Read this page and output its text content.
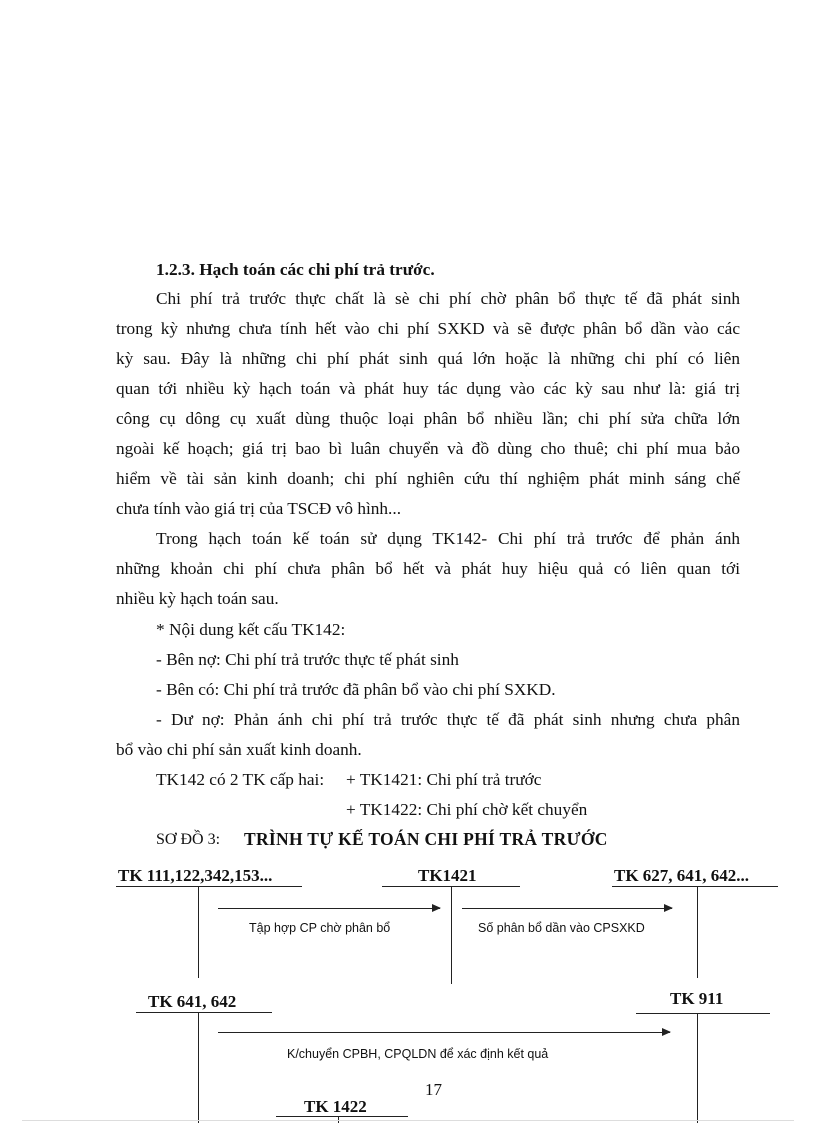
1.2.3. Hạch toán các chi phí trả trước.
Chi phí trả trước thực chất là sè chi phí chờ phân bổ thực tế đã phát sinh
trong kỳ nhưng chưa tính hết vào chi phí SXKD và sẽ được phân bổ dần vào các
kỳ sau. Đây là những chi phí phát sinh quá lớn hoặc là những chi phí có liên
quan tới nhiều kỳ hạch toán và phát huy tác dụng vào các kỳ sau như là: giá trị
công cụ dông cụ xuất dùng thuộc loại phân bổ nhiều lần; chi phí sửa chữa lớn
ngoài kế hoạch; giá trị bao bì luân chuyển và đồ dùng cho thuê; chi phí mua bảo
hiểm về tài sản kinh doanh; chi phí nghiên cứu thí nghiệm phát minh sáng chế
chưa tính vào giá trị của TSCĐ vô hình...
Trong hạch toán kế toán sử dụng TK142- Chi phí trả trước để phản ánh
những khoản chi phí chưa phân bổ hết và phát huy hiệu quả có liên quan tới
nhiều kỳ hạch toán sau.
* Nội dung kết cấu TK142:
- Bên nợ: Chi phí trả trước thực tế phát sinh
- Bên có: Chi phí trả trước đã phân bổ vào chi phí SXKD.
- Dư nợ: Phản ánh chi phí trả trước thực tế đã phát sinh nhưng chưa phân
bổ vào chi phí sản xuất kinh doanh.
TK142 có 2 TK cấp hai: + TK1421: Chi phí trả trước
+ TK1422: Chi phí chờ kết chuyển
SƠ ĐỒ 3: TRÌNH TỰ KẾ TOÁN CHI PHÍ TRẢ TRƯỚC
TK 111,122,342,153...	TK1421	TK 627, 641, 642...
Tập hợp CP chờ phân bổ	Số phân bổ dần vào CPSXKD
TK 641, 642	TK 911
K/chuyển CPBH, CPQLDN để xác định kết quả
TK 1422
17
